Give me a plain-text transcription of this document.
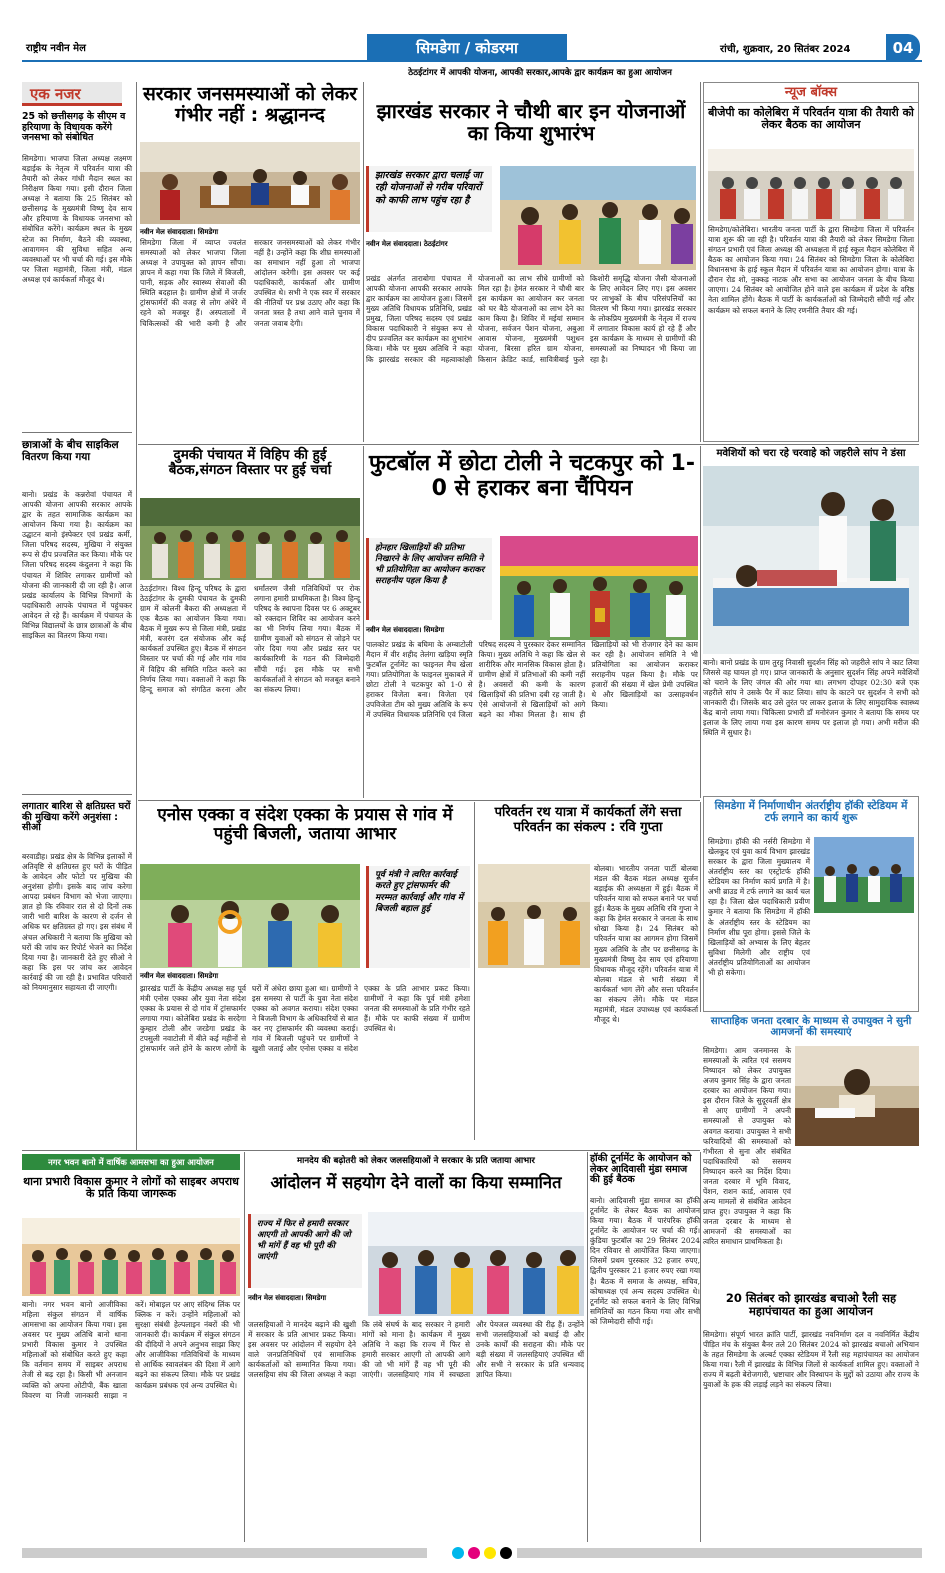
राष्ट्रीय नवीन मेल	सिमडेगा / कोडरमा	रांची, शुक्रवार, 20 सितंबर 2024	04
ठेठईटांगर में आपकी योजना, आपकी सरकार,आपके द्वार कार्यक्रम का हुआ आयोजन
एक नजर
25 को छत्तीसगढ़ के सीएम व हरियाणा के विधायक करेंगे जनसभा को संबोधित
सिमडेगा। भाजपा जिला अध्यक्ष लक्ष्मण बड़ाईक के नेतृत्व में परिवर्तन यात्रा की तैयारी को लेकर गांधी मैदान स्थल का निरीक्षण किया गया। इसी दौरान जिला अध्यक्ष ने बताया कि 25 सितंबर को छत्तीसगढ़ के मुख्यमंत्री विष्णु देव साय और हरियाणा के विधायक जनसभा को संबोधित करेंगे। कार्यक्रम स्थल के मुख्य स्टेज का निर्माण, बैठने की व्यवस्था, आवागमन की सुविधा सहित अन्य व्यवस्थाओं पर भी चर्चा की गई। इस मौके पर जिला महामंत्री, जिला मंत्री, मंडल अध्यक्ष एवं कार्यकर्ता मौजूद थे।
छात्राओं के बीच साइकिल वितरण किया गया
बानो। प्रखंड के कन्नरोवां पंचायत में आपकी योजना आपकी सरकार आपके द्वार के तहत सामाजिक कार्यक्रम का आयोजन किया गया है। कार्यक्रम का उद्घाटन बानो इंस्पेक्टर एवं प्रखंड कर्मी, जिला परिषद सदस्य, मुखिया ने संयुक्त रूप से दीप प्रज्वलित कर किया। मौके पर जिला परिषद सदस्य कंदुलना ने कहा कि पंचायत में शिविर लगाकर ग्रामीणों को योजना की जानकारी दी जा रही है। आज प्रखंड कार्यालय के विभिन्न विभागों के पदाधिकारी आपके पंचायत में पहुंचकर आवेदन ले रहे हैं। कार्यक्रम में पंचायत के विभिन्न विद्यालयों के छात्र छात्राओं के बीच साइकिल का वितरण किया गया।
लगातार बारिश से क्षतिग्रस्त घरों की मुखिया करेंगे अनुशंसा : सीओ
बरवाडीह। प्रखंड क्षेत्र के विभिन्न इलाकों में अतिवृष्टि से क्षतिग्रस्त हुए घरों के पीड़ित के आवेदन और फोटो पर मुखिया की अनुशंसा होगी। इसके बाद जांच करेगा आपदा प्रबंधन विभाग को भेजा जाएगा। ज्ञात हो कि रविवार रात से दो दिनों तक जारी भारी बारिश के कारण से दर्जन से अधिक घर क्षतिग्रस्त हो गए। इस संबंध में अंचल अधिकारी ने बताया कि मुखिया को घरों की जांच कर रिपोर्ट भेजने का निर्देश दिया गया है। जानकारी देते हुए सीओ ने कहा कि इस पर जांच कर आवेदन कार्रवाई की जा रही है। प्रभावित परिवारों को नियमानुसार सहायता दी जाएगी।
सरकार जनसमस्याओं को लेकर गंभीर नहीं : श्रद्धानन्द
नवीन मेल संवाददाता। सिमडेगा
सिमडेगा जिला में व्याप्त ज्वलंत समस्याओं को लेकर भाजपा जिला अध्यक्ष ने उपायुक्त को ज्ञापन सौंपा। ज्ञापन में कहा गया कि जिले में बिजली, पानी, सड़क और स्वास्थ्य सेवाओं की स्थिति बदहाल है। ग्रामीण क्षेत्रों में जर्जर ट्रांसफार्मरों की वजह से लोग अंधेरे में रहने को मजबूर हैं। अस्पतालों में चिकित्सकों की भारी कमी है और सरकार जनसमस्याओं को लेकर गंभीर नहीं है। उन्होंने कहा कि शीघ्र समस्याओं का समाधान नहीं हुआ तो भाजपा आंदोलन करेगी। इस अवसर पर कई पदाधिकारी, कार्यकर्ता और ग्रामीण उपस्थित थे। सभी ने एक स्वर में सरकार की नीतियों पर प्रश्न उठाए और कहा कि जनता त्रस्त है तथा आने वाले चुनाव में जनता जवाब देगी।
झारखंड सरकार ने चौथी बार इन योजनाओं का किया शुभारंभ
झारखंड सरकार द्वारा चलाई जा रही योजनाओं से गरीब परिवारों को काफी लाभ पहुंच रहा है
नवीन मेल संवाददाता। ठेठईटांगर
प्रखंड अंतर्गत ताराबोगा पंचायत में आपकी योजना आपकी सरकार आपके द्वार कार्यक्रम का आयोजन हुआ। जिसमें मुख्य अतिथि विधायक प्रतिनिधि, प्रखंड प्रमुख, जिला परिषद सदस्य एवं प्रखंड विकास पदाधिकारी ने संयुक्त रूप से दीप प्रज्वलित कर कार्यक्रम का शुभारंभ किया। मौके पर मुख्य अतिथि ने कहा कि झारखंड सरकार की महत्वाकांक्षी योजनाओं का लाभ सीधे ग्रामीणों को मिल रहा है। हेमंत सरकार ने चौथी बार इस कार्यक्रम का आयोजन कर जनता को घर बैठे योजनाओं का लाभ देने का काम किया है। शिविर में मईयां सम्मान योजना, सर्वजन पेंशन योजना, अबुआ आवास योजना, मुख्यमंत्री पशुधन योजना, बिरसा हरित ग्राम योजना, किसान क्रेडिट कार्ड, सावित्रीबाई फुले किशोरी समृद्धि योजना जैसी योजनाओं के लिए आवेदन लिए गए। इस अवसर पर लाभुकों के बीच परिसंपत्तियों का वितरण भी किया गया। झारखंड सरकार के लोकप्रिय मुख्यमंत्री के नेतृत्व में राज्य में लगातार विकास कार्य हो रहे हैं और इस कार्यक्रम के माध्यम से ग्रामीणों की समस्याओं का निष्पादन भी किया जा रहा है।
न्यूज बॉक्स
बीजेपी का कोलेबिरा में परिवर्तन यात्रा की तैयारी को लेकर बैठक का आयोजन
सिमडेगा/कोलेबिरा। भारतीय जनता पार्टी के द्वारा सिमडेगा जिला में परिवर्तन यात्रा शुरू की जा रही है। परिवर्तन यात्रा की तैयारी को लेकर सिमडेगा जिला संगठन प्रभारी एवं जिला अध्यक्ष की अध्यक्षता में हाई स्कूल मैदान कोलेबिरा में बैठक का आयोजन किया गया। 24 सितंबर को सिमडेगा जिला के कोलेबिरा विधानसभा के हाई स्कूल मैदान में परिवर्तन यात्रा का आयोजन होगा। यात्रा के दौरान रोड शो, नुक्कड़ नाटक और सभा का आयोजन जनता के बीच किया जाएगा। 24 सितंबर को आयोजित होने वाले इस कार्यक्रम में प्रदेश के वरिष्ठ नेता शामिल होंगे। बैठक में पार्टी के कार्यकर्ताओं को जिम्मेदारी सौंपी गई और कार्यक्रम को सफल बनाने के लिए रणनीति तैयार की गई।
दुमकी पंचायत में विहिप की हुई बैठक,संगठन विस्तार पर हुई चर्चा
ठेठईटांगर। विश्व हिन्दू परिषद के द्वारा ठेठईटांगर के दुमकी पंचायत के दुमकी ग्राम में कोलनी बैकरा की अध्यक्षता में एक बैठक का आयोजन किया गया। बैठक में मुख्य रूप से जिला मंत्री, प्रखंड मंत्री, बजरंग दल संयोजक और कई कार्यकर्ता उपस्थित हुए। बैठक में संगठन विस्तार पर चर्चा की गई और गांव गांव में विहिप की समिति गठित करने का निर्णय लिया गया। वक्ताओं ने कहा कि हिन्दू समाज को संगठित करना और धर्मांतरण जैसी गतिविधियों पर रोक लगाना हमारी प्राथमिकता है। विश्व हिन्दू परिषद के स्थापना दिवस पर 6 अक्टूबर को रक्तदान शिविर का आयोजन करने का भी निर्णय लिया गया। बैठक में ग्रामीण युवाओं को संगठन से जोड़ने पर जोर दिया गया और प्रखंड स्तर पर कार्यकारिणी के गठन की जिम्मेदारी सौंपी गई। इस मौके पर सभी कार्यकर्ताओं ने संगठन को मजबूत बनाने का संकल्प लिया।
फुटबॉल में छोटा टोली ने चटकपुर को 1-0 से हराकर बना चैंपियन
होनहार खिलाड़ियों की प्रतिभा निखारने के लिए आयोजन समिति ने भी प्रतियोगिता का आयोजन कराकर सराहनीय पहल किया है
नवीन मेल संवाददाता। सिमडेगा
पालकोट प्रखंड के बघिमा के अम्बाटोली मैदान में वीर शहीद तेलंगा खड़िया स्मृति फुटबॉल टूर्नामेंट का फाइनल मैच खेला गया। प्रतियोगिता के फाइनल मुकाबले में छोटा टोली ने चटकपुर को 1-0 से हराकर विजेता बना। विजेता एवं उपविजेता टीम को मुख्य अतिथि के रूप में उपस्थित विधायक प्रतिनिधि एवं जिला परिषद सदस्य ने पुरस्कार देकर सम्मानित किया। मुख्य अतिथि ने कहा कि खेल से शारीरिक और मानसिक विकास होता है। ग्रामीण क्षेत्रों में प्रतिभाओं की कमी नहीं है। अवसरों की कमी के कारण खिलाड़ियों की प्रतिभा दबी रह जाती है। ऐसे आयोजनों से खिलाड़ियों को आगे बढ़ने का मौका मिलता है। साथ ही खिलाड़ियों को भी रोजगार देने का काम कर रही है। आयोजन समिति ने भी प्रतियोगिता का आयोजन कराकर सराहनीय पहल किया है। मौके पर हजारों की संख्या में खेल प्रेमी उपस्थित थे और खिलाड़ियों का उत्साहवर्धन किया।
मवेशियों को चरा रहे चरवाहे को जहरीले सांप ने डंसा
बानो। बानो प्रखंड के ग्राम तुरहु निवासी सुदर्शन सिंह को जहरीले सांप ने काट लिया जिससे वह घायल हो गए। प्राप्त जानकारी के अनुसार सुदर्शन सिंह अपने मवेशियों को चराने के लिए जंगल की ओर गया था। लगभग दोपहर 02:30 बजे एक जहरीले सांप ने उसके पैर में काट लिया। सांप के काटने पर सुदर्शन ने सभी को जानकारी दी। जिसके बाद उसे तुरंत पर लाकर इलाज के लिए सामुदायिक स्वास्थ्य केंद्र बानो लाया गया। चिकित्सा प्रभारी डॉ मनोरंजन कुमार ने बताया कि समय पर इलाज के लिए लाया गया इस कारण समय पर इलाज हो गया। अभी मरीज की स्थिति में सुधार है।
सिमडेगा में निर्माणाधीन अंतर्राष्ट्रीय हॉकी स्टेडियम में टर्फ लगाने का कार्य शुरू
सिमडेगा। हॉकी की नर्सरी सिमडेगा में खेलकूद एवं युवा कार्य विभाग झारखंड सरकार के द्वारा जिला मुख्यालय में अंतर्राष्ट्रीय स्तर का एस्ट्रोटर्फ हॉकी स्टेडियम का निर्माण कार्य प्रगति में है। अभी ब्राउड में टर्फ लगाने का कार्य चल रहा है। जिला खेल पदाधिकारी प्रवीण कुमार ने बताया कि सिमडेगा में हॉकी के अंतर्राष्ट्रीय स्तर के स्टेडियम का निर्माण शीघ्र पूरा होगा। इससे जिले के खिलाड़ियों को अभ्यास के लिए बेहतर सुविधा मिलेगी और राष्ट्रीय एवं अंतर्राष्ट्रीय प्रतियोगिताओं का आयोजन भी हो सकेगा।
एनोस एक्का व संदेश एक्का के प्रयास से गांव में पहुंची बिजली, जताया आभार
नवीन मेल संवाददाता। सिमडेगा
झारखंड पार्टी के केंद्रीय अध्यक्ष सह पूर्व मंत्री एनोस एक्का और युवा नेता संदेश एक्का के प्रयास से दो गांव में ट्रांसफार्मर लगाया गया। कोलेबिरा प्रखंड के सरदेगा कुम्हार टोली और जरडेगा प्रखंड के टपसुली नवाटोली में बीते कई महीनों से ट्रांसफार्मर जले होने के कारण लोगों के घरों में अंधेरा छाया हुआ था। ग्रामीणों ने इस समस्या से पार्टी के युवा नेता संदेश एक्का को अवगत कराया। संदेश एक्का ने बिजली विभाग के अधिकारियों से बात कर नए ट्रांसफार्मर की व्यवस्था कराई। गांव में बिजली पहुंचने पर ग्रामीणों ने खुशी जताई और एनोस एक्का व संदेश एक्का के प्रति आभार प्रकट किया। ग्रामीणों ने कहा कि पूर्व मंत्री हमेशा जनता की समस्याओं के प्रति गंभीर रहते हैं। मौके पर काफी संख्या में ग्रामीण उपस्थित थे।
पूर्व मंत्री ने त्वरित कार्रवाई करते हुए ट्रांसफार्मर की मरम्मत कार्रवाई और गांव में बिजली बहाल हुई
परिवर्तन रथ यात्रा में कार्यकर्ता लेंगे सत्ता परिवर्तन का संकल्प : रवि गुप्ता
बोलबा। भारतीय जनता पार्टी बोलबा मंडल की बैठक मंडल अध्यक्ष सुर्जन बड़ाईक की अध्यक्षता में हुई। बैठक में परिवर्तन यात्रा को सफल बनाने पर चर्चा हुई। बैठक के मुख्य अतिथि रवि गुप्ता ने कहा कि हेमंत सरकार ने जनता के साथ धोखा किया है। 24 सितंबर को परिवर्तन यात्रा का आगमन होगा जिसमें मुख्य अतिथि के तौर पर छत्तीसगढ़ के मुख्यमंत्री विष्णु देव साय एवं हरियाणा विधायक मौजूद रहेंगे। परिवर्तन यात्रा में बोलबा मंडल से भारी संख्या में कार्यकर्ता भाग लेंगे और सत्ता परिवर्तन का संकल्प लेंगे। मौके पर मंडल महामंत्री, मंडल उपाध्यक्ष एवं कार्यकर्ता मौजूद थे।	साप्ताहिक जनता दरबार के माध्यम से उपायुक्त ने सुनी आमजनों की समस्याएं
सिमडेगा। आम जनमानस के समस्याओं के त्वरित एवं ससमय निष्पादन को लेकर उपायुक्त अजय कुमार सिंह के द्वारा जनता दरबार का आयोजन किया गया। इस दौरान जिले के सुदूरवर्ती क्षेत्र से आए ग्रामीणों ने अपनी समस्याओं से उपायुक्त को अवगत कराया। उपायुक्त ने सभी फरियादियों की समस्याओं को गंभीरता से सुना और संबंधित पदाधिकारियों को ससमय निष्पादन करने का निर्देश दिया। जनता दरबार में भूमि विवाद, पेंशन, राशन कार्ड, आवास एवं अन्य मामलों से संबंधित आवेदन प्राप्त हुए। उपायुक्त ने कहा कि जनता दरबार के माध्यम से आमजनों की समस्याओं का त्वरित समाधान प्राथमिकता है।
20 सितंबर को झारखंड बचाओ रैली सह महापंचायत का हुआ आयोजन
सिमडेगा। संपूर्ण भारत क्रांति पार्टी, झारखंड नवनिर्माण दल व नवनिर्मित केंद्रीय पीड़ित मंच के संयुक्त बैनर तले 20 सितंबर 2024 को झारखंड बचाओ अभियान के तहत सिमडेगा के अल्बर्ट एक्का स्टेडियम में रैली सह महापंचायत का आयोजन किया गया। रैली में झारखंड के विभिन्न जिलों से कार्यकर्ता शामिल हुए। वक्ताओं ने राज्य में बढ़ती बेरोजगारी, भ्रष्टाचार और विस्थापन के मुद्दों को उठाया और राज्य के युवाओं के हक की लड़ाई लड़ने का संकल्प लिया।
नगर भवन बानो में वार्षिक आमसभा का हुआ आयोजन
थाना प्रभारी विकास कुमार ने लोगों को साइबर अपराध के प्रति किया जागरूक
बानो। नगर भवन बानो आजीविका महिला संकुल संगठन में वार्षिक आमसभा का आयोजन किया गया। इस अवसर पर मुख्य अतिथि बानो थाना प्रभारी विकास कुमार ने उपस्थित महिलाओं को संबोधित करते हुए कहा कि वर्तमान समय में साइबर अपराध तेजी से बढ़ रहा है। किसी भी अनजान व्यक्ति को अपना ओटीपी, बैंक खाता विवरण या निजी जानकारी साझा न करें। मोबाइल पर आए संदिग्ध लिंक पर क्लिक न करें। उन्होंने महिलाओं को सुरक्षा संबंधी हेल्पलाइन नंबरों की भी जानकारी दी। कार्यक्रम में संकुल संगठन की दीदियों ने अपने अनुभव साझा किए और आजीविका गतिविधियों के माध्यम से आर्थिक स्वावलंबन की दिशा में आगे बढ़ने का संकल्प लिया। मौके पर प्रखंड कार्यक्रम प्रबंधक एवं अन्य उपस्थित थे।
मानदेय की बढ़ोतरी को लेकर जलसहियाओं ने सरकार के प्रति जताया आभार
आंदोलन में सहयोग देने वालों का किया सम्मानित
राज्य में फिर से हमारी सरकार आएगी तो आपकी आगे की जो भी मांगें हैं वह भी पूरी की जाएंगी
नवीन मेल संवाददाता। सिमडेगा
जलसहियाओं ने मानदेय बढ़ाने की खुशी में सरकार के प्रति आभार प्रकट किया। इस अवसर पर आंदोलन में सहयोग देने वाले जनप्रतिनिधियों एवं सामाजिक कार्यकर्ताओं को सम्मानित किया गया। जलसहिया संघ की जिला अध्यक्ष ने कहा कि लंबे संघर्ष के बाद सरकार ने हमारी मांगों को माना है। कार्यक्रम में मुख्य अतिथि ने कहा कि राज्य में फिर से हमारी सरकार आएगी तो आपकी आगे की जो भी मांगें हैं वह भी पूरी की जाएंगी। जलसहियाएं गांव में स्वच्छता और पेयजल व्यवस्था की रीढ़ हैं। उन्होंने सभी जलसहियाओं को बधाई दी और उनके कार्यों की सराहना की। मौके पर बड़ी संख्या में जलसहियाएं उपस्थित थीं और सभी ने सरकार के प्रति धन्यवाद ज्ञापित किया।
हॉकी टूर्नामेंट के आयोजन को लेकर आदिवासी मुंडा समाज की हुई बैठक
बानो। आदिवासी मुंडा समाज का हॉकी टूर्नामेंट के लेकर बैठक का आयोजन किया गया। बैठक में पारंपरिक हॉकी टूर्नामेंट के आयोजन पर चर्चा की गई। कुंडिया फुटबॉल का 29 सितंबर 2024 दिन रविवार से आयोजित किया जाएगा। जिसमें प्रथम पुरस्कार 32 हजार रुपए, द्वितीय पुरस्कार 21 हजार रुपए रखा गया है। बैठक में समाज के अध्यक्ष, सचिव, कोषाध्यक्ष एवं अन्य सदस्य उपस्थित थे। टूर्नामेंट को सफल बनाने के लिए विभिन्न समितियों का गठन किया गया और सभी को जिम्मेदारी सौंपी गई।
